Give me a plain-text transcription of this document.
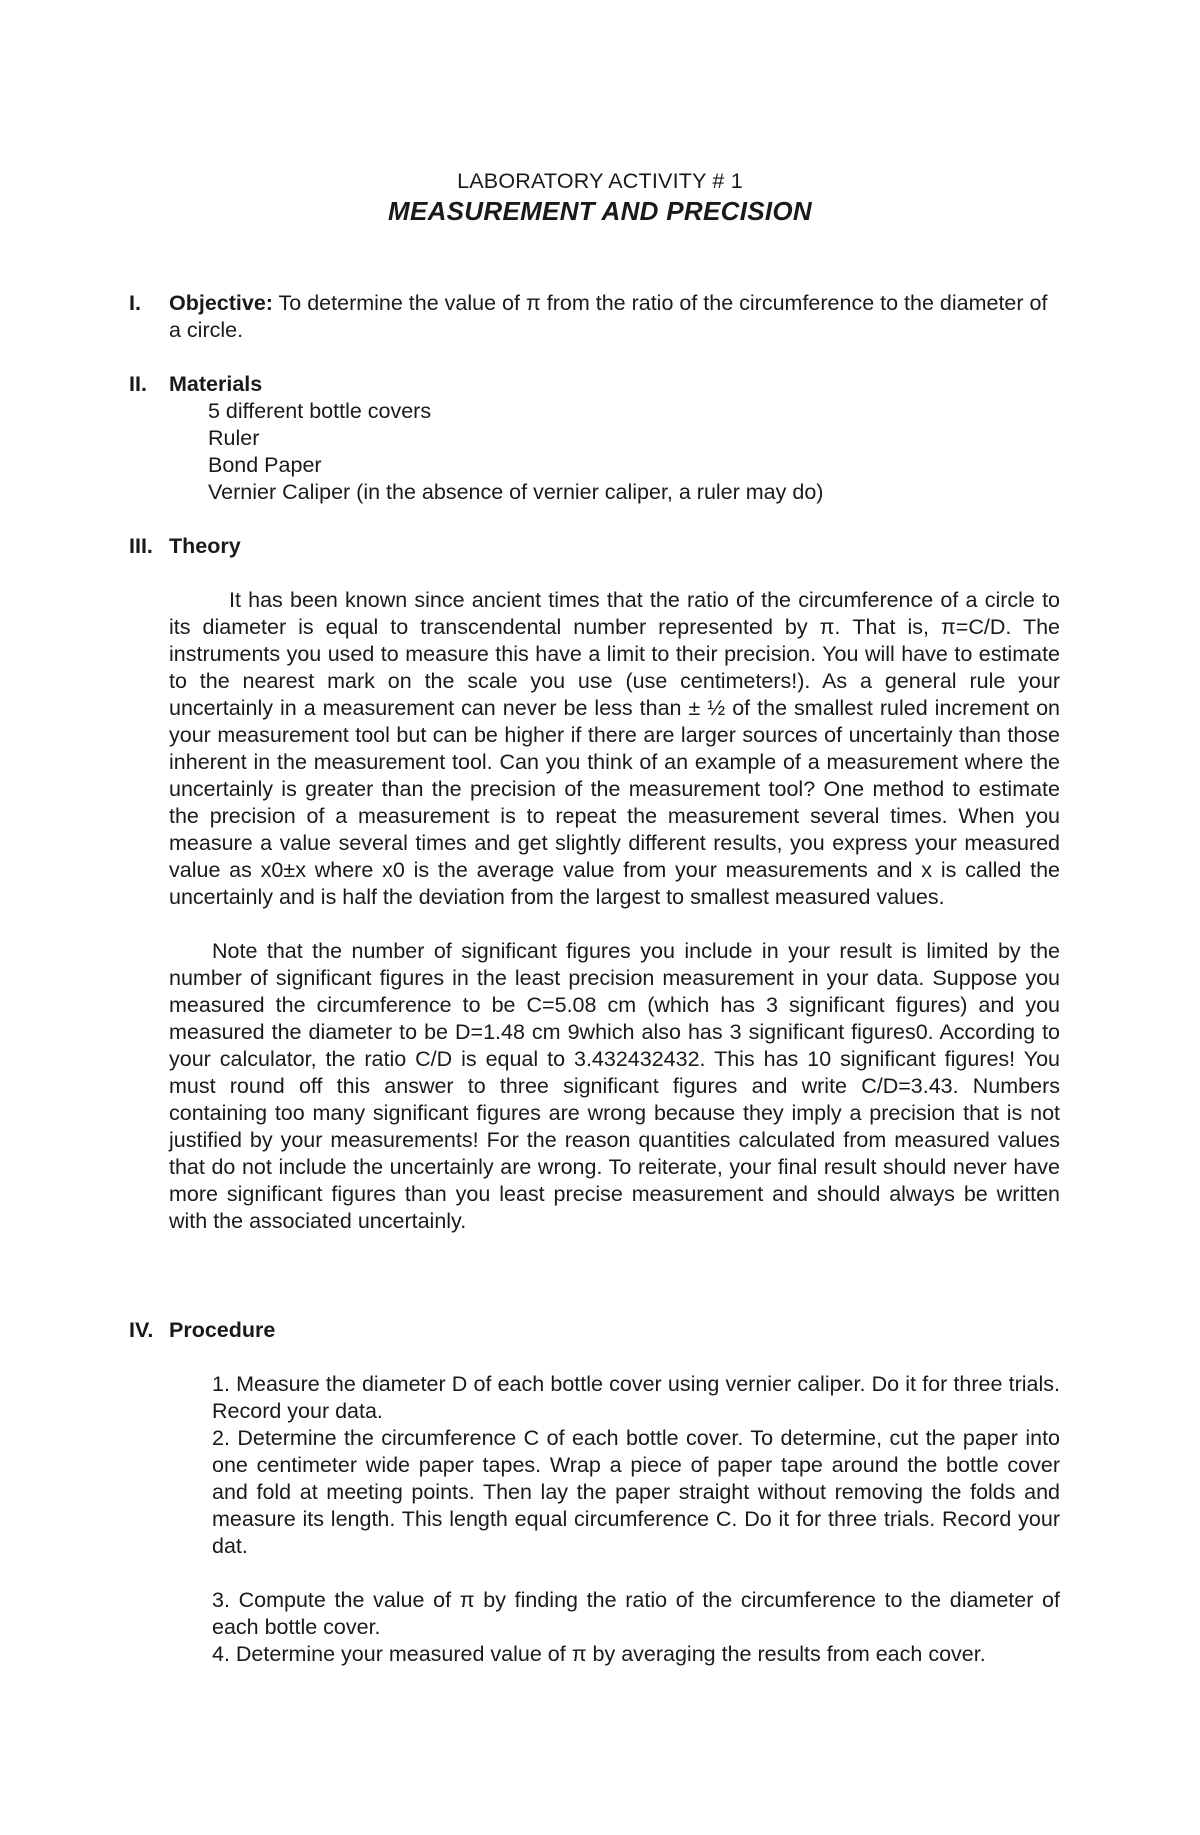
LABORATORY ACTIVITY # 1
MEASUREMENT AND PRECISION
I.	Objective: To determine the value of π from the ratio of the circumference to the diameter of a circle.
II.	Materials
5 different bottle covers
Ruler
Bond Paper
Vernier Caliper (in the absence of vernier caliper, a ruler may do)
III. Theory

It has been known since ancient times that the ratio of the circumference of a circle to its diameter is equal to transcendental number represented by π. That is, π=C/D. The instruments you used to measure this have a limit to their precision. You will have to estimate to the nearest mark on the scale you use (use centimeters!). As a general rule your uncertainly in a measurement can never be less than ± ½ of the smallest ruled increment on your measurement tool but can be higher if there are larger sources of uncertainly than those inherent in the measurement tool. Can you think of an example of a measurement where the uncertainly is greater than the precision of the measurement tool? One method to estimate the precision of a measurement is to repeat the measurement several times. When you measure a value several times and get slightly different results, you express your measured value as x0±x where x0 is the average value from your measurements and x is called the uncertainly and is half the deviation from the largest to smallest measured values.

Note that the number of significant figures you include in your result is limited by the number of significant figures in the least precision measurement in your data. Suppose you measured the circumference to be C=5.08 cm (which has 3 significant figures) and you measured the diameter to be D=1.48 cm 9which also has 3 significant figures0. According to your calculator, the ratio C/D is equal to 3.432432432. This has 10 significant figures! You must round off this answer to three significant figures and write C/D=3.43. Numbers containing too many significant figures are wrong because they imply a precision that is not justified by your measurements! For the reason quantities calculated from measured values that do not include the uncertainly are wrong. To reiterate, your final result should never have more significant figures than you least precise measurement and should always be written with the associated uncertainly.

IV. Procedure
1. Measure the diameter D of each bottle cover using vernier caliper. Do it for three trials. Record your data.
2. Determine the circumference C of each bottle cover. To determine, cut the paper into one centimeter wide paper tapes. Wrap a piece of paper tape around the bottle cover and fold at meeting points. Then lay the paper straight without removing the folds and measure its length. This length equal circumference C. Do it for three trials. Record your dat.
3. Compute the value of π by finding the ratio of the circumference to the diameter of each bottle cover.
4. Determine your measured value of π by averaging the results from each cover.
